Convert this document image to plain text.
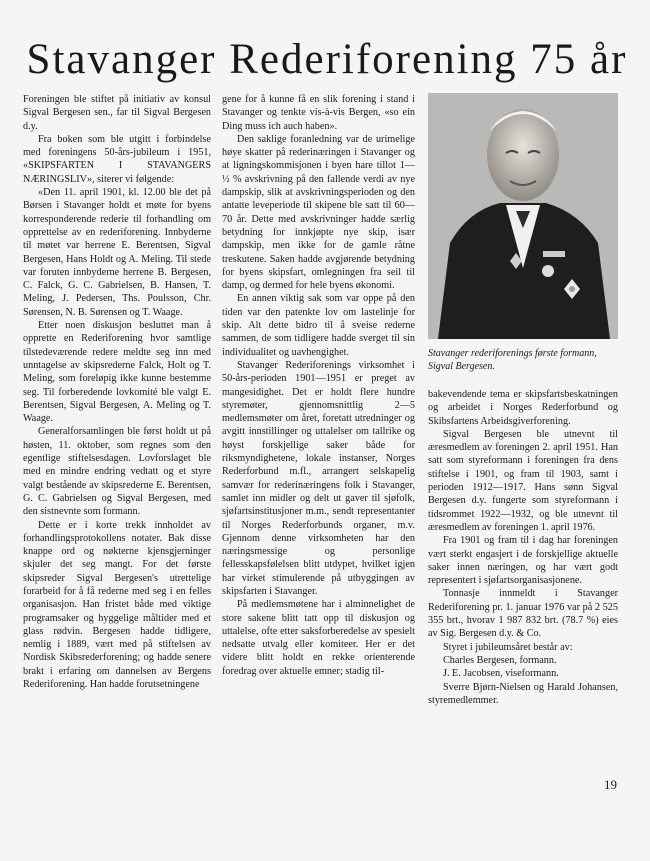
Stavanger Rederiforening 75 år

Foreningen ble stiftet på initiativ av konsul Sigval Bergesen sen., far til Sigval Bergesen d.y.

Fra boken som ble utgitt i forbindelse med foreningens 50-års-jubileum i 1951, «SKIPSFARTEN I STAVANGERS NÆRINGSLIV», siterer vi følgende:

«Den 11. april 1901, kl. 12.00 ble det på Børsen i Stavanger holdt et møte for byens korresponderende rederie til forhandling om opprettelse av en rederiforening. Innbyderne til møtet var herrene E. Berentsen, Sigval Bergesen, Hans Holdt og A. Meling. Til stede var foruten innbyderne herrene B. Bergesen, C. Falck, G. C. Gabrielsen, B. Hansen, T. Meling, J. Pedersen, Ths. Poulsson, Chr. Sørensen, N. B. Sørensen og T. Waage.

Etter noen diskusjon besluttet man å opprette en Rederiforening hvor samtlige tilstedeværende redere meldte seg inn med unntagelse av skipsrederne Falck, Holt og T. Meling, som foreløpig ikke kunne bestemme seg. Til forberedende lovkomité ble valgt E. Berentsen, Sigval Bergesen, A. Meling og T. Waage.

Generalforsamlingen ble først holdt ut på høsten, 11. oktober, som regnes som den egentlige stiftelsesdagen. Lovforslaget ble med en mindre endring vedtatt og et styre valgt bestående av skipsrederne E. Berentsen, G. C. Gabrielsen og Sigval Bergesen, med den sistnevnte som formann.

Dette er i korte trekk innholdet av forhandlingsprotokollens notater. Bak disse knappe ord og nøkterne kjensgjerninger skjuler det seg mangt. For det første skipsreder Sigval Bergesen's utrettelige forarbeid for å få rederne med seg i en felles organisasjon. Han fristet både med viktige programsaker og hyggelige måltider med et glass rødvin. Bergesen hadde tidligere, nemlig i 1889, vært med på stiftelsen av Nordisk Skibsrederforening; og hadde senere brakt i erfaring om dannelsen av Bergens Rederiforening. Han hadde forutsetningene

gene for å kunne få en slik forening i stand i Stavanger og tenkte vis-à-vis Bergen, «so ein Ding muss ich auch haben».

Den saklige foranledning var de urimelige høye skatter på rederinæringen i Stavanger og at ligningskommisjonen i byen hare tillot 1—½ % avskrivning på den fallende verdi av nye dampskip, slik at avskrivningsperioden og den antatte leveperiode til skipene ble satt til 60—70 år. Dette med avskrivninger hadde særlig betydning for innkjøpte nye skip, især dampskip, men ikke for de gamle råtne treskutene. Saken hadde avgjørende betydning for byens skipsfart, omlegningen fra seil til damp, og dermed for hele byens økonomi.

En annen viktig sak som var oppe på den tiden var den patenkte lov om lastelinje for skip. Alt dette bidro til å sveise rederne sammen, de som tidligere hadde sverget til sin individualitet og uavhengighet.

Stavanger Rederiforenings virksomhet i 50-års-perioden 1901—1951 er preget av mangesidighet. Det er holdt flere hundre styremøter, gjennomsnittlig 2—5 medlemsmøter om året, foretatt utredninger og avgitt innstillinger og uttalelser om tallrike og høyst forskjellige saker både for riksmyndighetene, lokale instanser, Norges Rederforbund m.fl., arrangert selskapelig samvær for rederinæringens folk i Stavanger, samlet inn midler og delt ut gaver til sjøfolk, sjøfartsinstitusjoner m.m., sendt representanter til Norges Rederforbunds organer, m.v. Gjennom denne virksomheten har den næringsmessige og personlige fellesskapsfølelsen blitt utdypet, hvilket igjen har virket stimulerende på utbyggingen av skipsfarten i Stavanger.

På medlemsmøtene har i alminnelighet de store sakene blitt tatt opp til diskusjon og uttalelse, ofte etter saksforberedelse av spesielt nedsatte utvalg eller komiteer. Her er det videre blitt holdt en rekke orienterende foredrag over aktuelle emner; stadig til-

Stavanger rederiforenings første formann, Sigval Bergesen.

bakevendende tema er skipsfartsbeskatningen og arbeidet i Norges Rederforbund og Skibsfartens Arbeidsgiverforening.

Sigval Bergesen ble utnevnt til æresmedlem av foreningen 2. april 1951. Han satt som styreformann i foreningen fra dens stiftelse i 1901, og fram til 1903, samt i perioden 1912—1917. Hans sønn Sigval Bergesen d.y. fungerte som styreformann i tidsrommet 1922—1932, og ble utnevnt til æresmedlem av foreningen 1. april 1976.

Fra 1901 og fram til i dag har foreningen vært sterkt engasjert i de forskjellige aktuelle saker innen næringen, og har vært godt representert i sjøfartsorganisasjonene.

Tonnasje innmeldt i Stavanger Rederiforening pr. 1. januar 1976 var på 2 525 355 brt., hvorav 1 987 832 brt. (78.7 %) eies av Sig. Bergesen d.y. & Co.

Styret i jubileumsåret består av:

Charles Bergesen, formann.

J. E. Jacobsen, viseformann.

Sverre Bjørn-Nielsen og Harald Johansen, styremedlemmer.

19
